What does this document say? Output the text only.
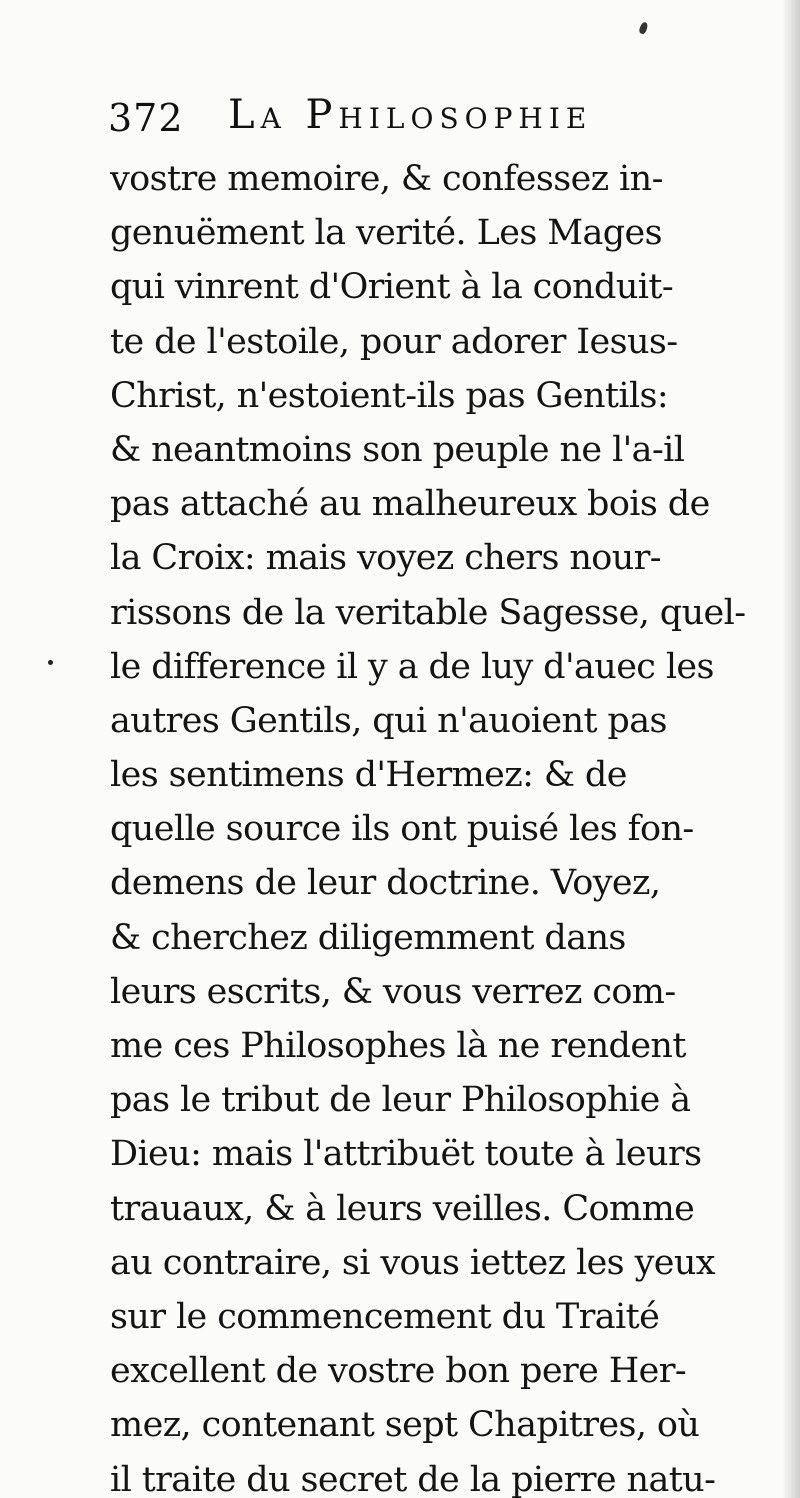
372 La Philosophie
vostre memoire, & confessez in-
genuëment la verité. Les Mages
qui vinrent d'Orient à la conduit-
te de l'estoile, pour adorer Iesus-
Christ, n'estoient-ils pas Gentils:
& neantmoins son peuple ne l'a-il
pas attaché au malheureux bois de
la Croix: mais voyez chers nour-
rissons de la veritable Sagesse, quel-
le difference il y a de luy d'auec les
autres Gentils, qui n'auoient pas
les sentimens d'Hermez: & de
quelle source ils ont puisé les fon-
demens de leur doctrine. Voyez,
& cherchez diligemment dans
leurs escrits, & vous verrez com-
me ces Philosophes là ne rendent
pas le tribut de leur Philosophie à
Dieu: mais l'attribuët toute à leurs
trauaux, & à leurs veilles. Comme
au contraire, si vous iettez les yeux
sur le commencement du Traité
excellent de vostre bon pere Her-
mez, contenant sept Chapitres, où
il traite du secret de la pierre natu-
